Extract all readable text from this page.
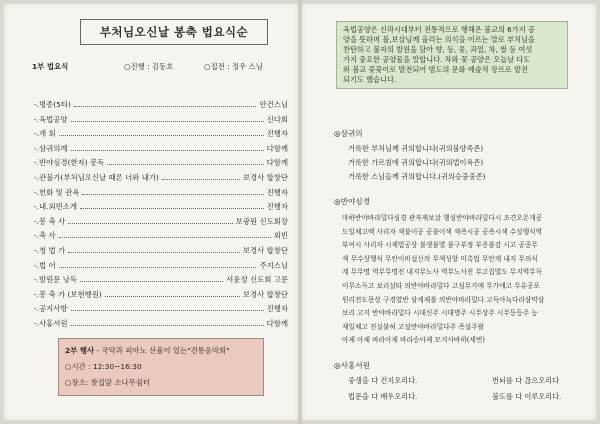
부처님오신날 봉축 법요식순
1부 법요식	○진행 : 김동호	○집전 : 정우 스님
-.명종(5타)	안건스님
-.육법공양	신다회
-.개 회	진행자
-.삼귀의례	다함께
-.반야심경(한자) 봉독	다함께
-.관불가(부처님오신날 때론 너와 내가)	보경사 합창단
-.헌화 및 관욕	진행자
-.내.외빈소개	진행자
-.봉 축 사	보광원 신도회장
-.축 사	외빈
-.청 법 가	보경사 합창단
-.법 어	주지스님
-.발원문 낭독	서윤정 신도회 고문
-.봉 축 가 (보현행원)	보경사 합창단
-.공지사항	진행자
-.사홍서원	다함께
2부 행사 - 국악과 피아노 선율이 있는"견통음악회"
○시간 : 12:30~16:30
○장소: 찻집앞 소나무쉼터
육법공양은 신라시대부터 전통적으로 행해온 불교의 6가지 공
양을 뜻하며 불,보살님께 올리는 의식을 이르는 말로 부처님을
찬탄하고 불자의 발원을 담아 향, 등, 꽃, 과일, 차, 쌀 등 여섯
가지 중요한 공양물을 말합니다. 차와 꽃 공양은 오늘날 다도
와 불교 꽃꽂이로 발전되어 범도의 문화 예술적 장르로 발전
되기도 했습니다.
◎삼귀의
거룩한 부처님께 귀의합니다(귀의불양족존)
거룩한 가르침에 귀의합니다(귀의법이욕존)
거룩한 스님들께 귀의합니다.(귀의승중중존)
◎반야심경
마하반야바라밀다심경 관자재보살 행심반야바라밀다시 조견오온개공
도일체고액 사리자 색불이공 공불이색 색즉시공 공즉시색 수상행식역
부여시 사리자 시제법공상 불생불멸 불구부정 부증불감 시고 공중무
색 무수상행식 무안이비설신의 무색성향 미촉법 무안계 내지 무의식
계 무무명 역무무명진 내지무노사 역무노사진 무고집멸도 무지역무득
이무소득고 보리살타 의반야바라밀다 고심무가애 무가애고 무유공포
원리전도몽상 구경열반 삼세제불 의반야바라밀다 고득아뇩다라삼먁삼
보리 고지 반야바라밀다 시대신주 시대명주 시무상주 시무등등주 능
제일체고 진실불허 고설반야바라밀다주 즉설주왈
아제 아제 바라아제 바라승아제 모지사바하(세번)
◎사홍서원
중생을 다 건지오리다.	번뇌를 다 끊으오리다
법문을 다 배우오리다.	불도를 다 이루오리다.
